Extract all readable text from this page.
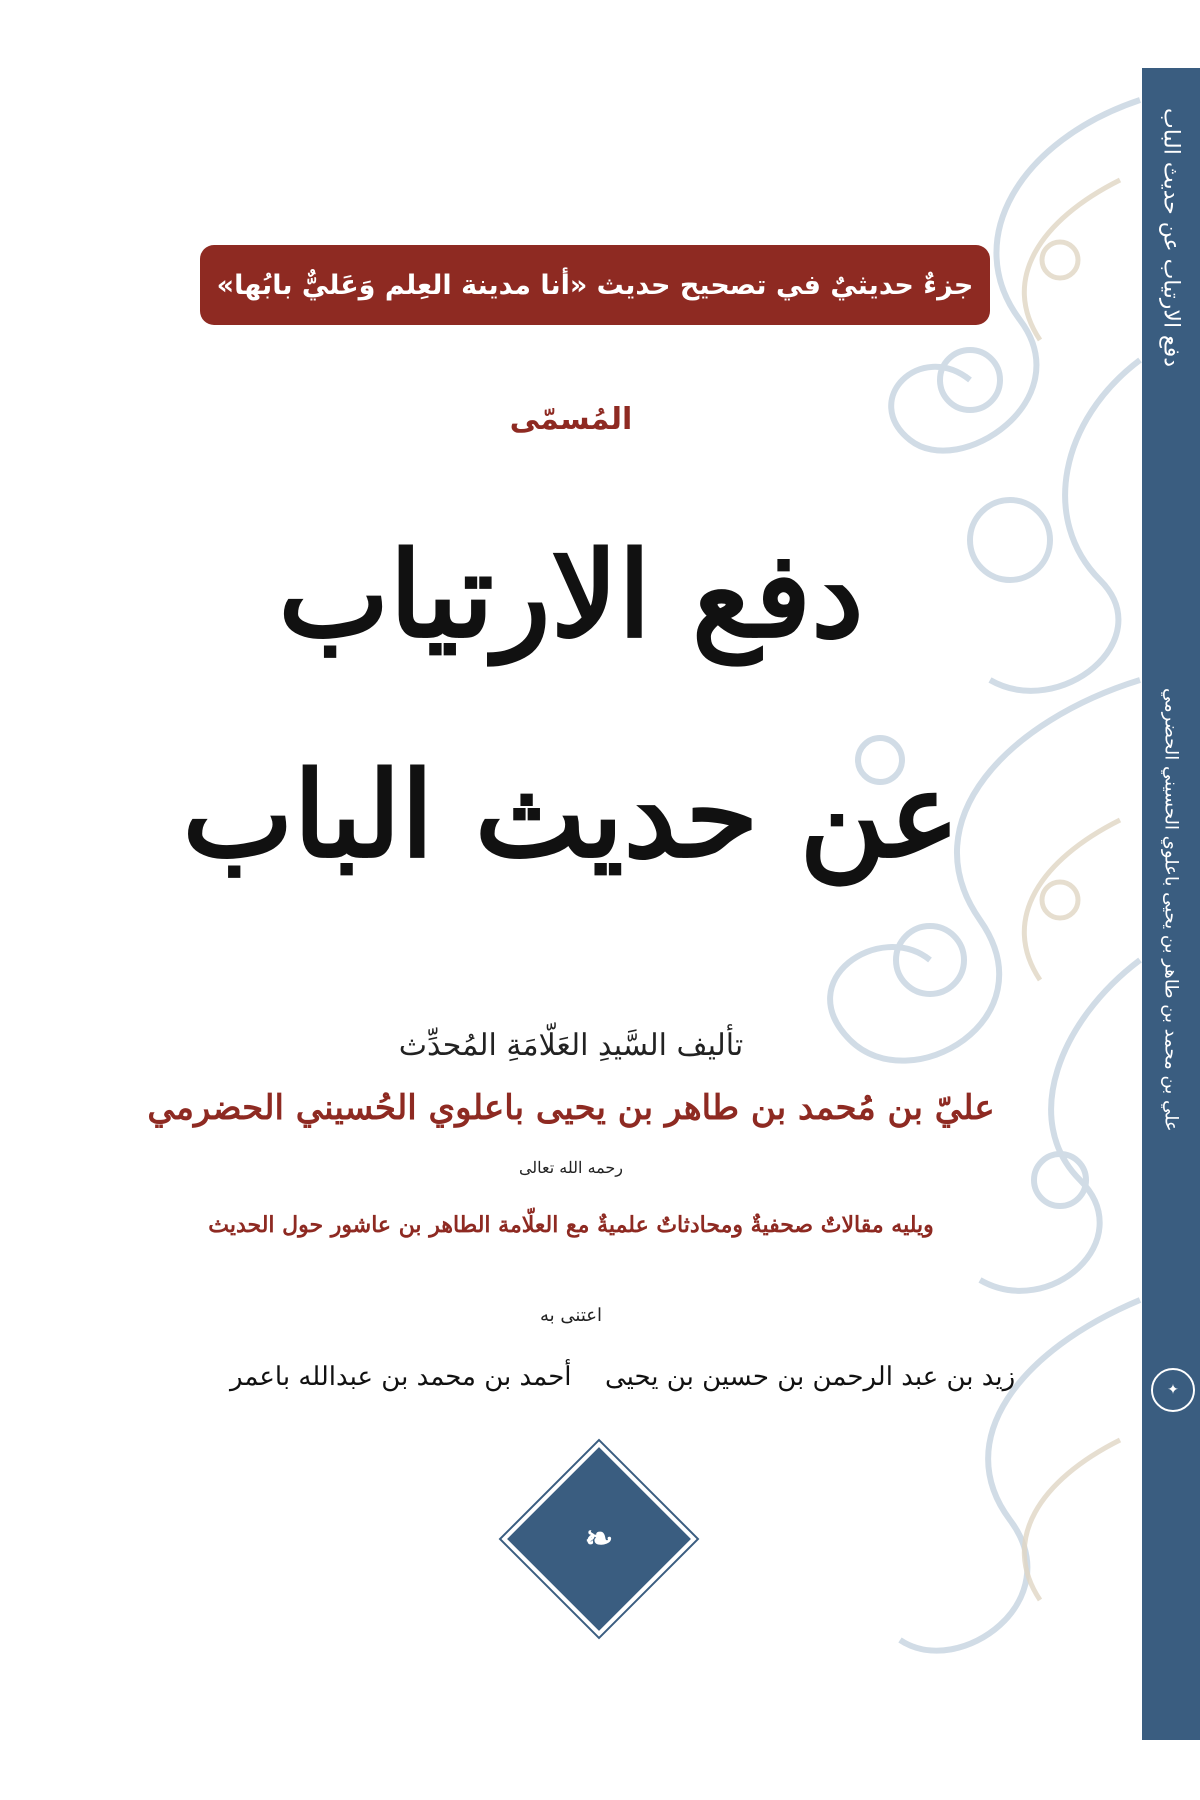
دفع الارتياب عن حديث الباب
علي بن محمد بن طاهر بن يحيى باعلوي الحسيني الحضرمي
✦
جزءٌ حديثيٌ في تصحيح حديث «أنا مدينة العِلم وَعَليٌّ بابُها»
المُسمّى
دفع الارتياب
عن حديث الباب
تأليف السَّيدِ العَلّامَةِ المُحدِّث
عليّ بن مُحمد بن طاهر بن يحيى باعلوي الحُسيني الحضرمي
رحمه الله تعالى
ويليه مقالاتٌ صحفيةٌ ومحادثاتٌ علميةٌ مع العلّامة الطاهر بن عاشور حول الحديث
اعتنى به
زيد بن عبد الرحمن بن حسين بن يحيى
أحمد بن محمد بن عبدالله باعمر
❧
